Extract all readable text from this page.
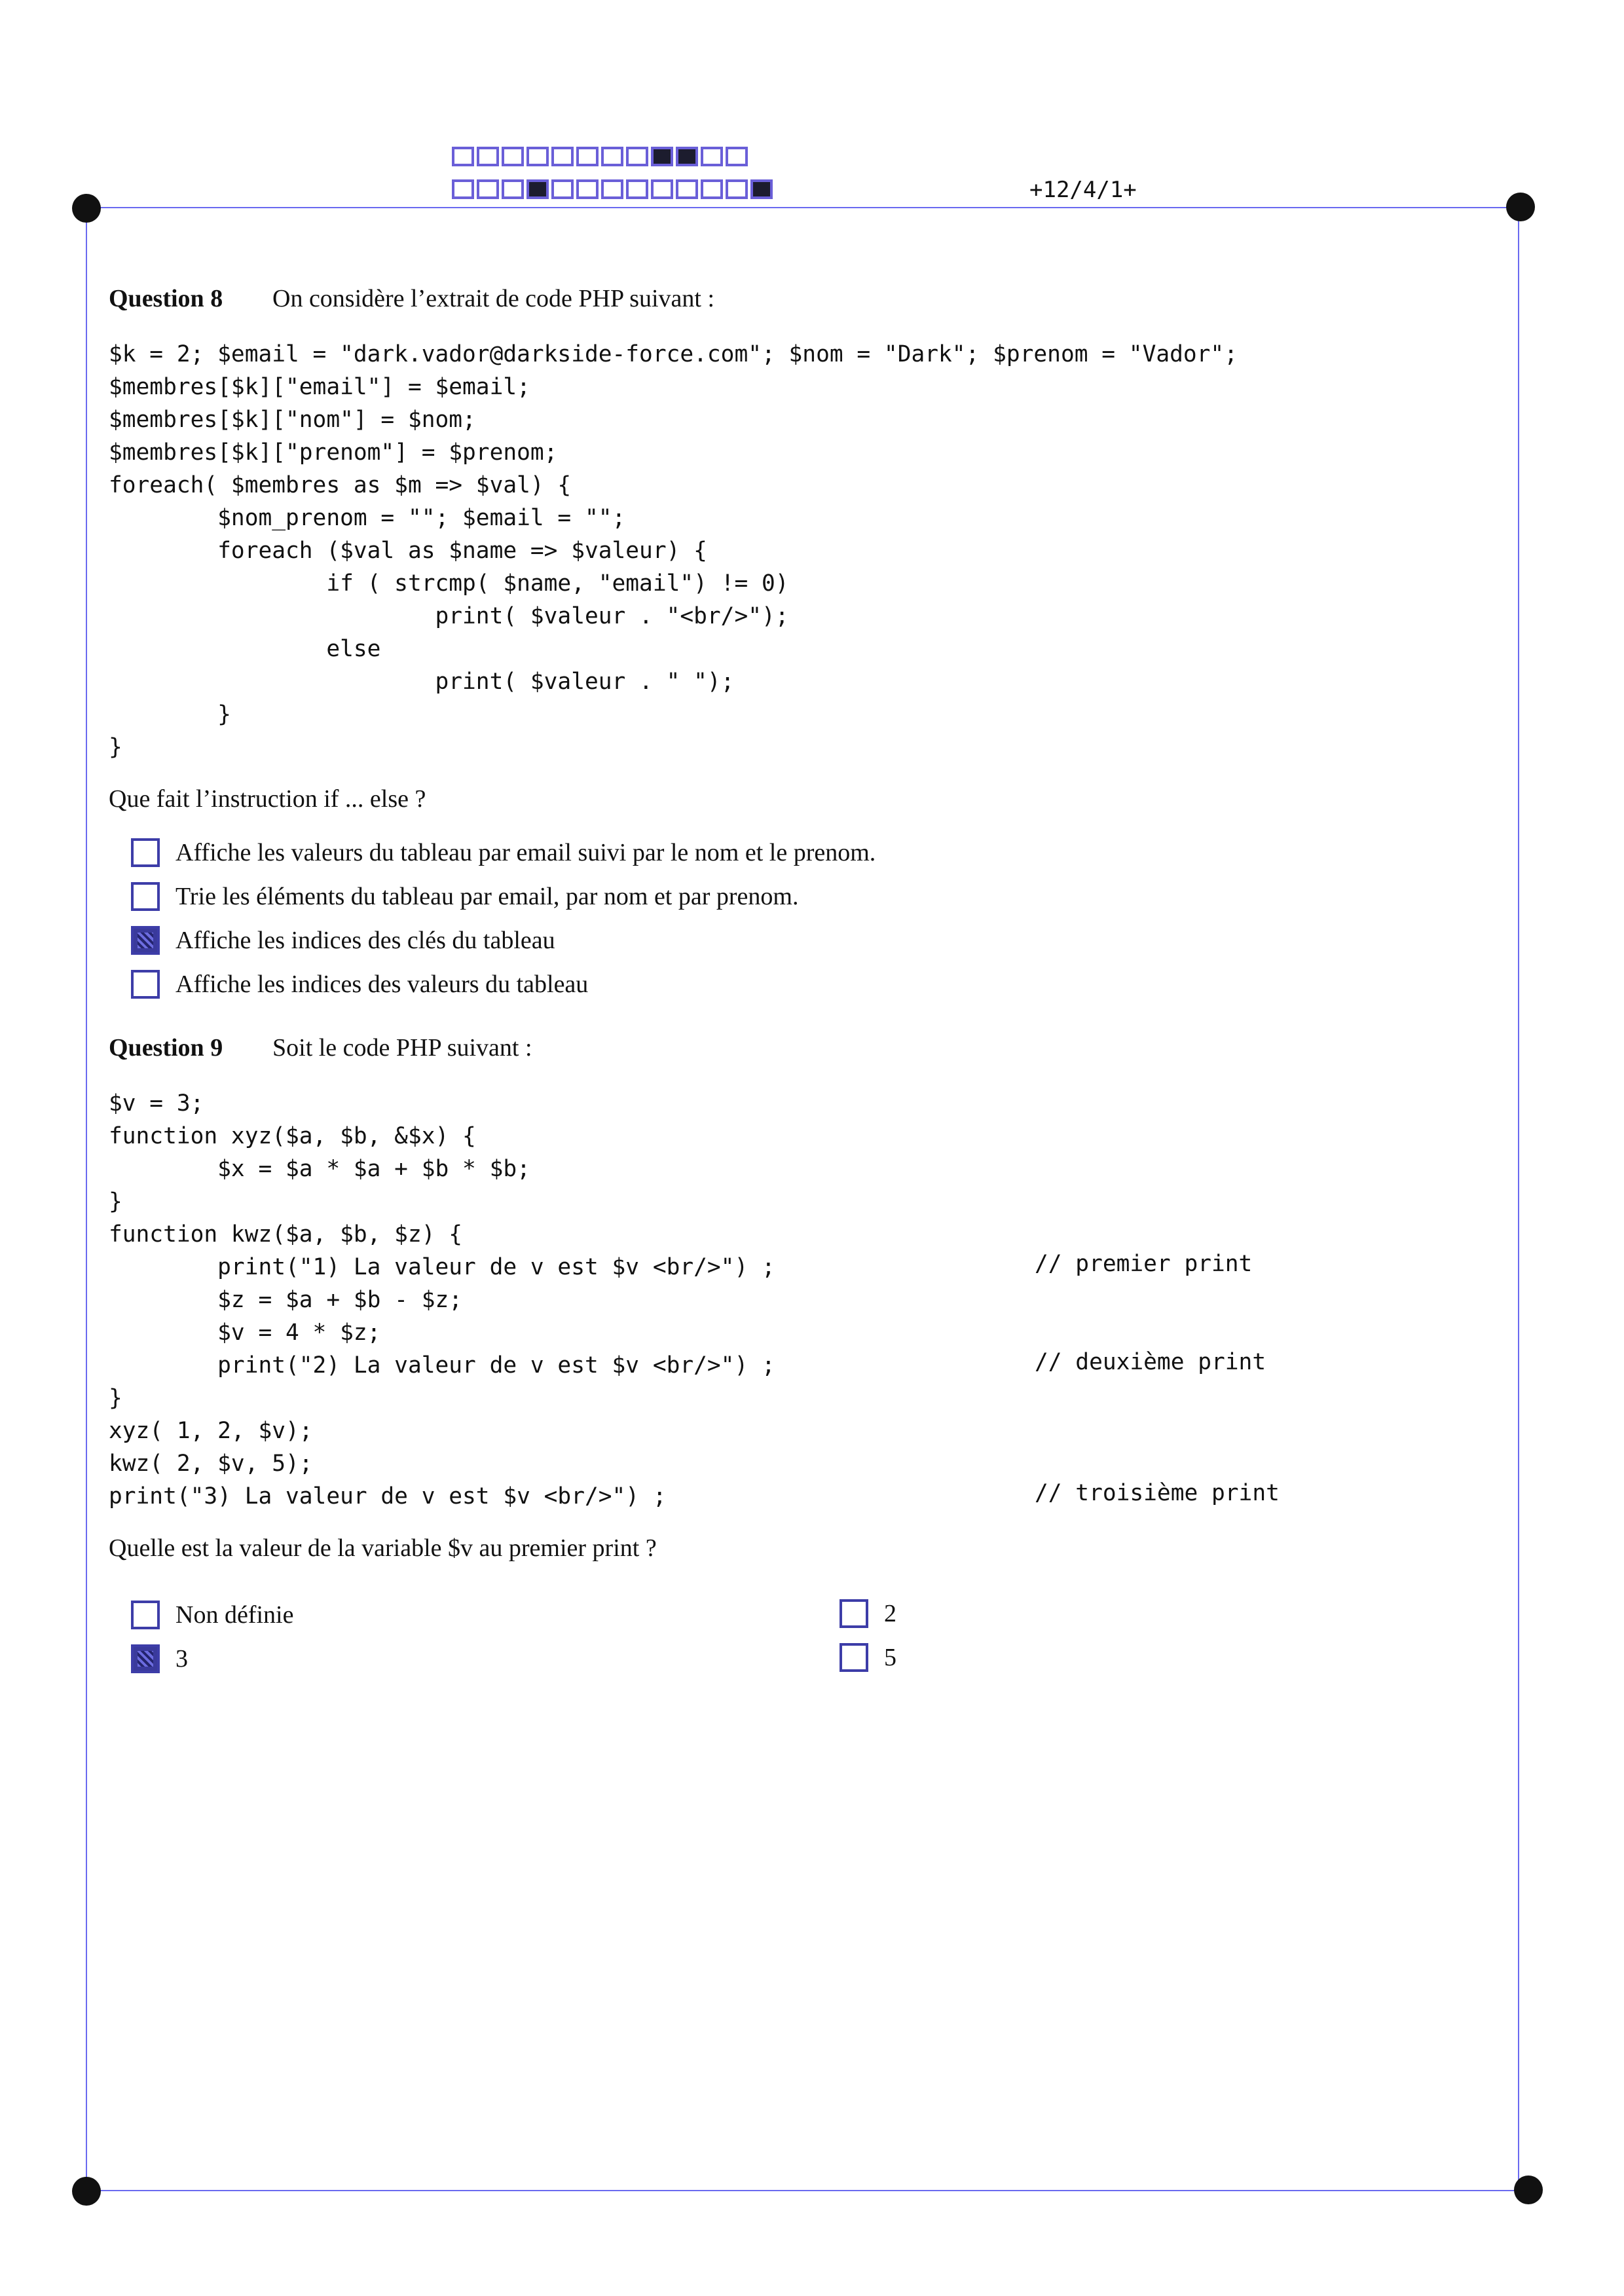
+12/4/1+
Question 8 On considère l’extrait de code PHP suivant :
$k = 2; $email = "dark.vador@darkside-force.com"; $nom = "Dark"; $prenom = "Vador";
$membres[$k]["email"] = $email;
$membres[$k]["nom"] = $nom;
$membres[$k]["prenom"] = $prenom;
foreach( $membres as $m => $val) {
$nom_prenom = ""; $email = "";
foreach ($val as $name => $valeur) {
if ( strcmp( $name, "email") != 0)
print( $valeur . "<br/>");
else
print( $valeur . " ");
}
}
Que fait l’instruction if ... else ?
Affiche les valeurs du tableau par email suivi par le nom et le prenom.
Trie les éléments du tableau par email, par nom et par prenom.
Affiche les indices des clés du tableau
Affiche les indices des valeurs du tableau
Question 9 Soit le code PHP suivant :
$v = 3;
function xyz($a, $b, &$x) {
$x = $a * $a + $b * $b;
}
function kwz($a, $b, $z) {
print("1) La valeur de v est $v <br/>") ;
$z = $a + $b - $z;
$v = 4 * $z;
print("2) La valeur de v est $v <br/>") ;
}
xyz( 1, 2, $v);
kwz( 2, $v, 5);
print("3) La valeur de v est $v <br/>") ;
// premier print
// deuxième print
// troisième print
Quelle est la valeur de la variable $v au premier print ?
Non définie
3
2
5
